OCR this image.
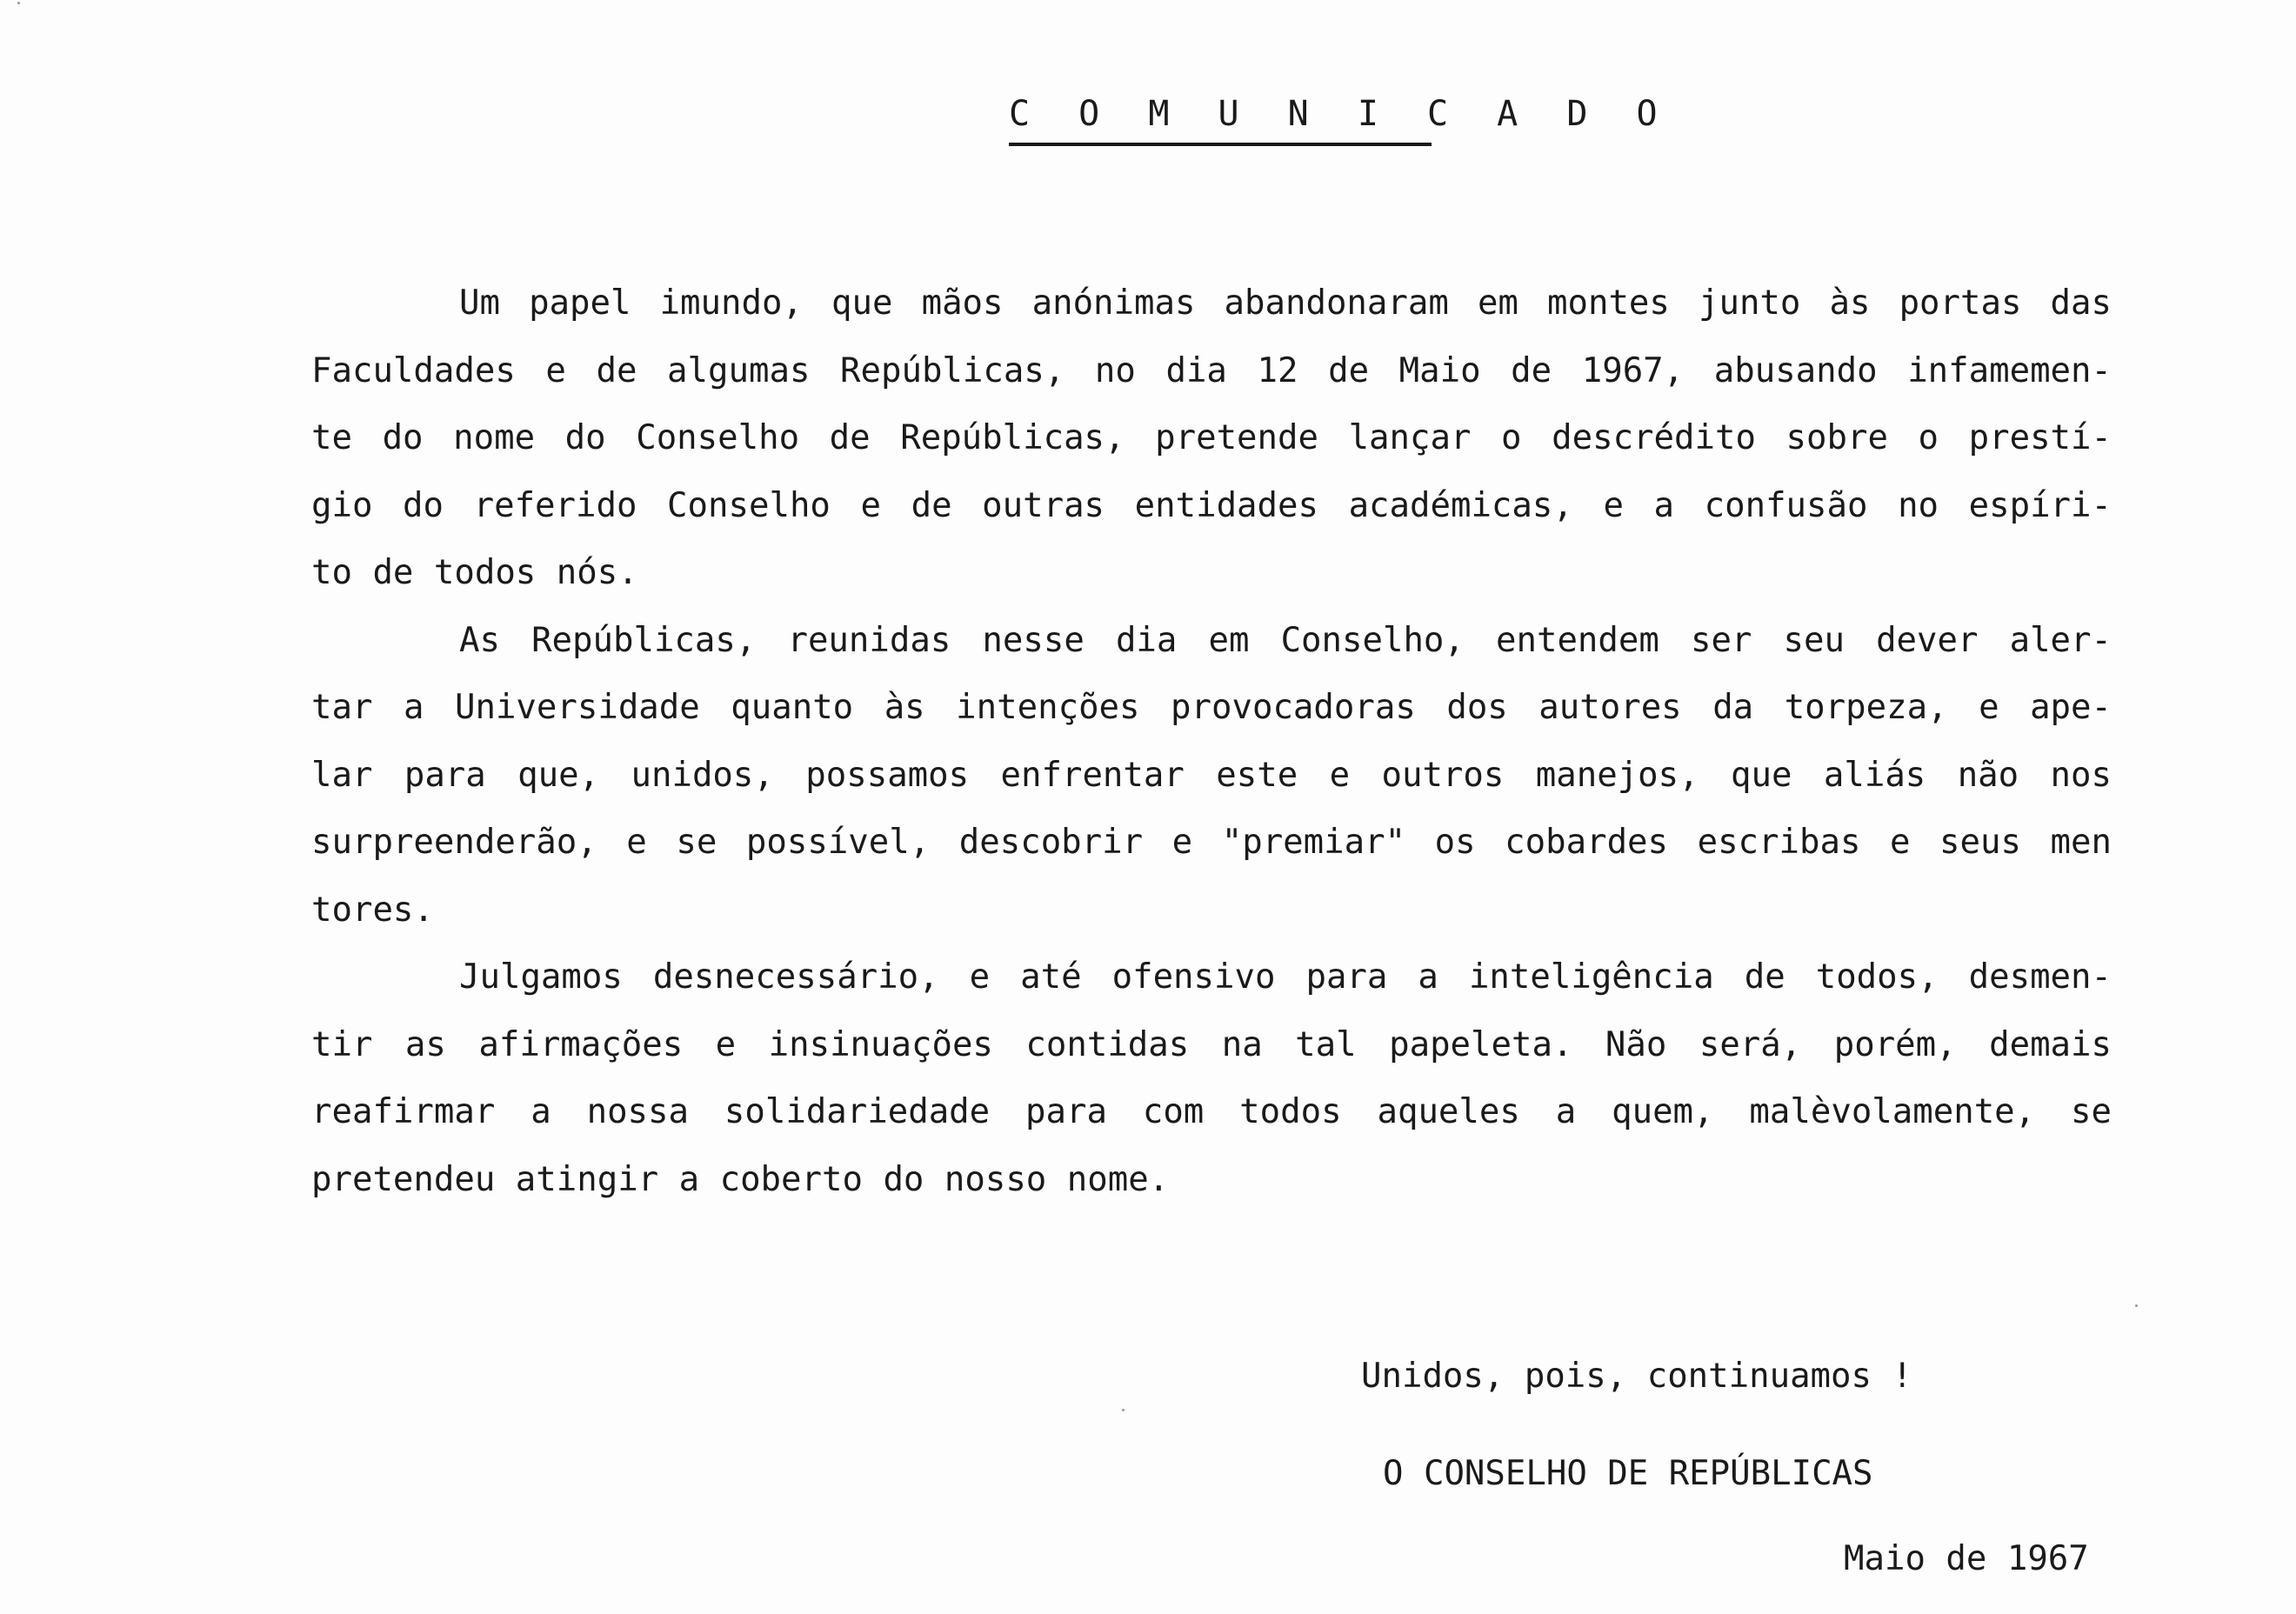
C O M U N I C A D O
Um papel imundo, que mãos anónimas abandonaram em montes junto às portas das
Faculdades e de algumas Repúblicas, no dia 12 de Maio de 1967, abusando infamemen-
te do nome do Conselho de Repúblicas, pretende lançar o descrédito sobre o prestí-
gio do referido Conselho e de outras entidades académicas, e a confusão no espíri-
to de todos nós.
As Repúblicas, reunidas nesse dia em Conselho, entendem ser seu dever aler-
tar a Universidade quanto às intenções provocadoras dos autores da torpeza, e ape-
lar para que, unidos, possamos enfrentar este e outros manejos, que aliás não nos
surpreenderão, e se possível, descobrir e "premiar" os cobardes escribas e seus men
tores.
Julgamos desnecessário, e até ofensivo para a inteligência de todos, desmen-
tir as afirmações e insinuações contidas na tal papeleta. Não será, porém, demais
reafirmar a nossa solidariedade para com todos aqueles a quem, malèvolamente, se
pretendeu atingir a coberto do nosso nome.
Unidos, pois, continuamos !
O CONSELHO DE REPÚBLICAS
Maio de 1967
